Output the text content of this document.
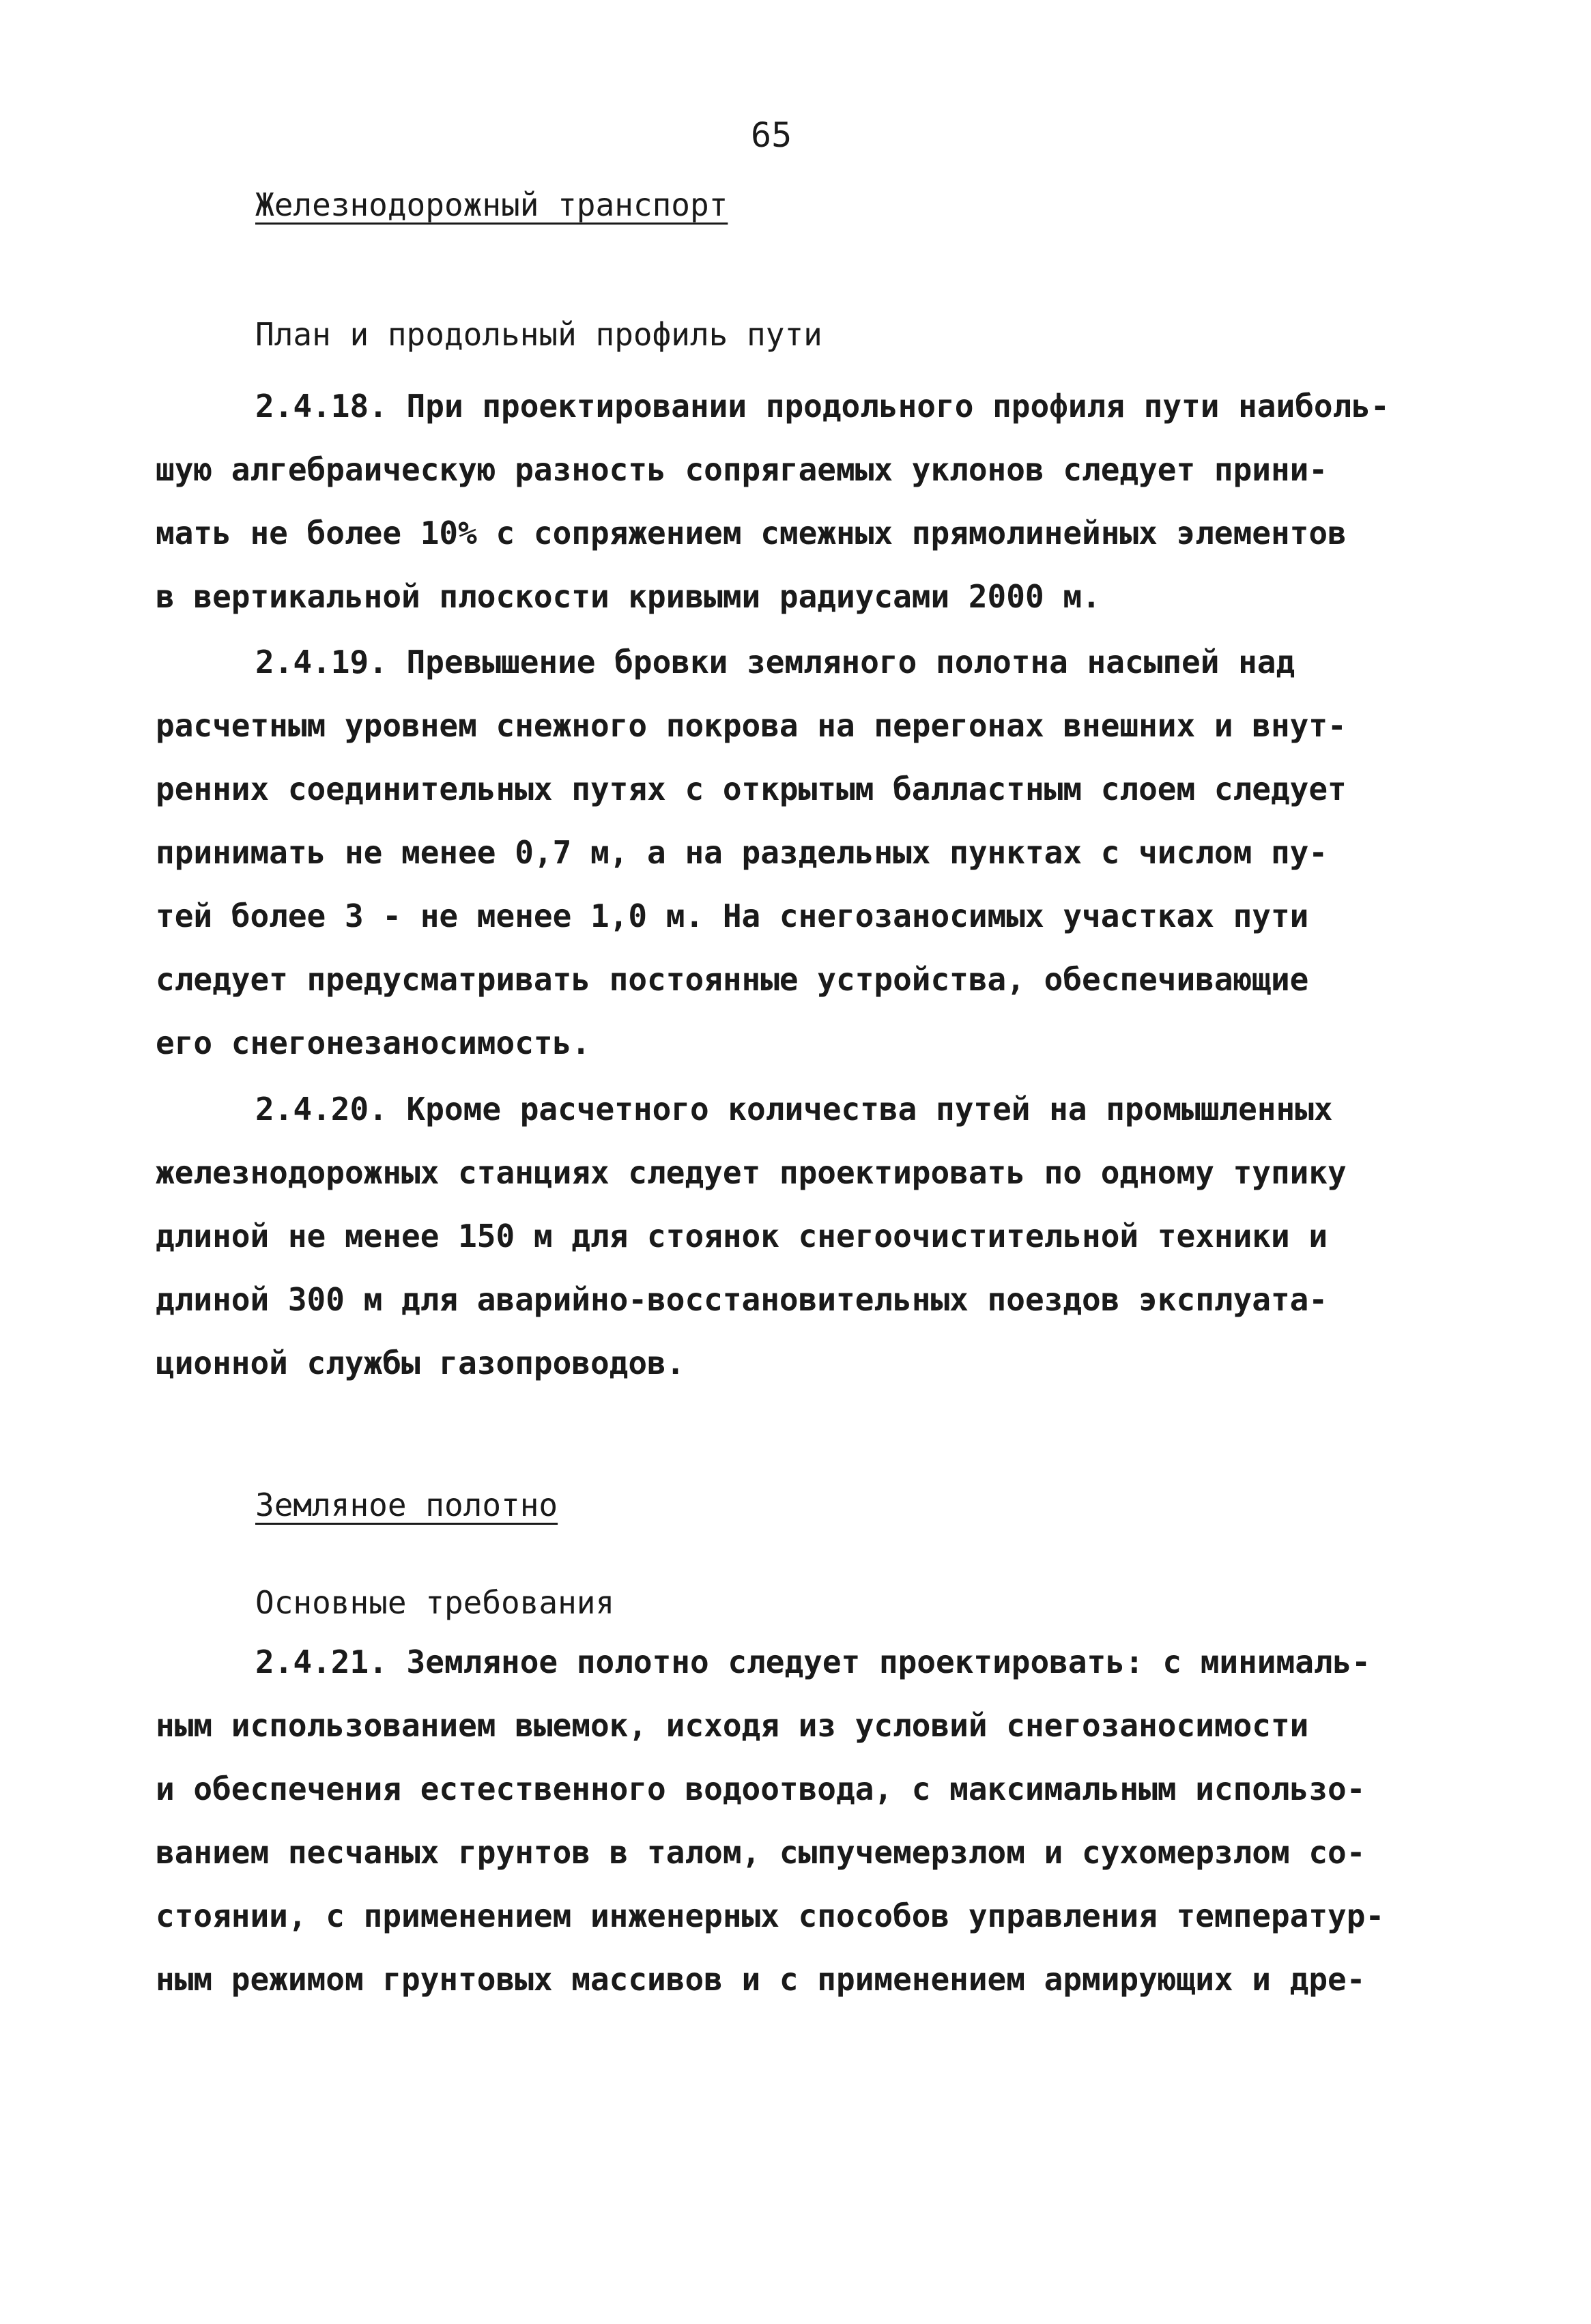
65
Железнодорожный транспорт
План и продольный профиль пути
2.4.18. При проектировании продольного профиля пути наиболь-
шую алгебраическую разность сопрягаемых уклонов следует прини-
мать не более 10% с сопряжением смежных прямолинейных элементов
в вертикальной плоскости кривыми радиусами 2000 м.
2.4.19. Превышение бровки земляного полотна насыпей над
расчетным уровнем снежного покрова на перегонах внешних и внут-
ренних соединительных путях с открытым балластным слоем следует
принимать не менее 0,7 м, а на раздельных пунктах с числом пу-
тей более 3 - не менее 1,0 м. На снегозаносимых участках пути
следует предусматривать постоянные устройства, обеспечивающие
его снегонезаносимость.
2.4.20. Кроме расчетного количества путей на промышленных
железнодорожных станциях следует проектировать по одному тупику
длиной не менее 150 м для стоянок снегоочистительной техники и
длиной 300 м для аварийно-восстановительных поездов эксплуата-
ционной службы газопроводов.
Земляное полотно
Основные требования
2.4.21. Земляное полотно следует проектировать: с минималь-
ным использованием выемок, исходя из условий снегозаносимости
и обеспечения естественного водоотвода, с максимальным использо-
ванием песчаных грунтов в талом, сыпучемерзлом и сухомерзлом со-
стоянии, с применением инженерных способов управления температур-
ным режимом грунтовых массивов и с применением армирующих и дре-
